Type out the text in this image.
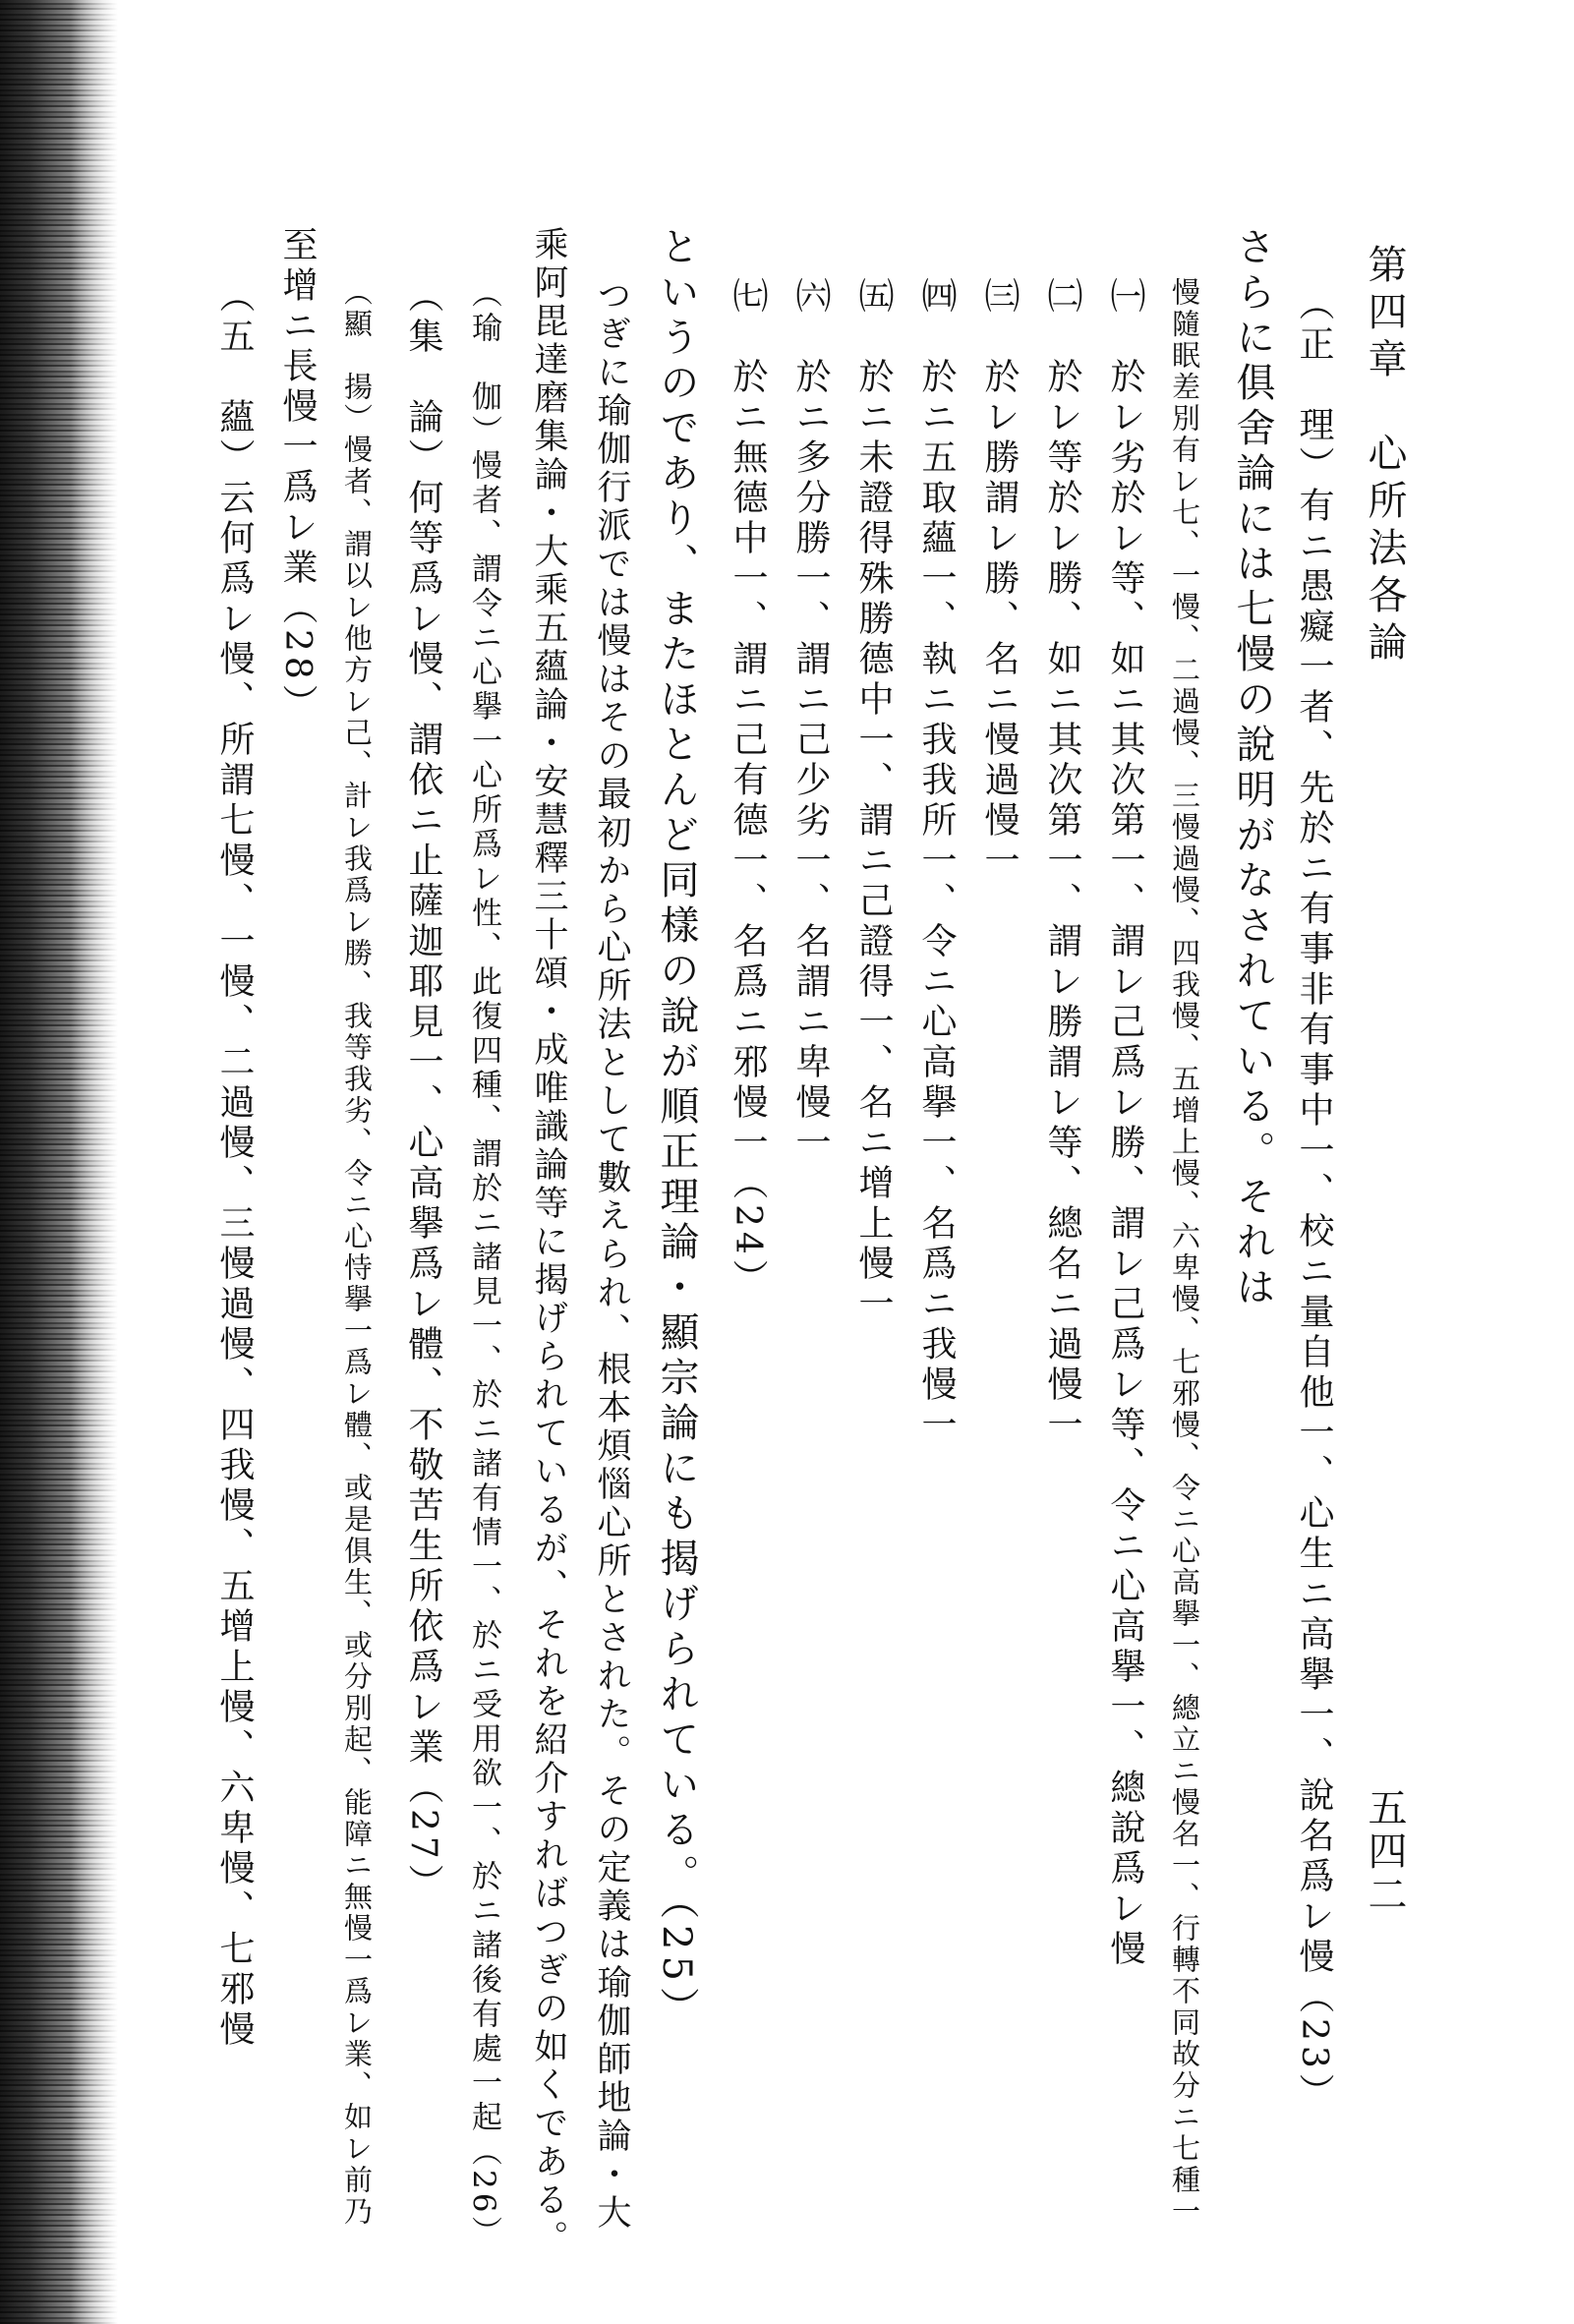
第四章　心所法各論
五四二
（正　理）有ニ愚癡一者、先於ニ有事非有事中一、校ニ量自他一、心生ニ高擧一、說名爲レ慢（23）
さらに俱舍論には七慢の說明がなされている。それは
慢隨眠差別有レ七、一慢、二過慢、三慢過慢、四我慢、五增上慢、六卑慢、七邪慢、令ニ心高擧一、總立ニ慢名一、行轉不同故分ニ七種一
㈠　於レ劣於レ等、如ニ其次第一、謂レ己爲レ勝、謂レ己爲レ等、令ニ心高擧一、總說爲レ慢
㈡　於レ等於レ勝、如ニ其次第一、謂レ勝謂レ等、總名ニ過慢一
㈢　於レ勝謂レ勝、名ニ慢過慢一
㈣　於ニ五取蘊一、執ニ我我所一、令ニ心高擧一、名爲ニ我慢一
㈤　於ニ未證得殊勝德中一、謂ニ己證得一、名ニ增上慢一
㈥　於ニ多分勝一、謂ニ己少劣一、名謂ニ卑慢一
㈦　於ニ無德中一、謂ニ己有德一、名爲ニ邪慢一（24）
というのであり、またほとんど同樣の說が順正理論・顯宗論にも揭げられている。（25）
つぎに瑜伽行派では慢はその最初から心所法として數えられ、根本煩惱心所とされた。その定義は瑜伽師地論・大
乘阿毘達磨集論・大乘五蘊論・安慧釋三十頌・成唯識論等に揭げられているが、それを紹介すればつぎの如くである。
（瑜　伽）慢者、謂令ニ心擧一心所爲レ性、此復四種、謂於ニ諸見一、於ニ諸有情一、於ニ受用欲一、於ニ諸後有處一起（26）
（集　論）何等爲レ慢、謂依ニ止薩迦耶見一、心高擧爲レ體、不敬苦生所依爲レ業（27）
（顯　揚）慢者、謂以レ他方レ己、計レ我爲レ勝、我等我劣、令ニ心恃擧一爲レ體、或是俱生、或分別起、能障ニ無慢一爲レ業、如レ前乃
至增ニ長慢一爲レ業（28）
（五　蘊）云何爲レ慢、所謂七慢、一慢、二過慢、三慢過慢、四我慢、五增上慢、六卑慢、七邪慢
